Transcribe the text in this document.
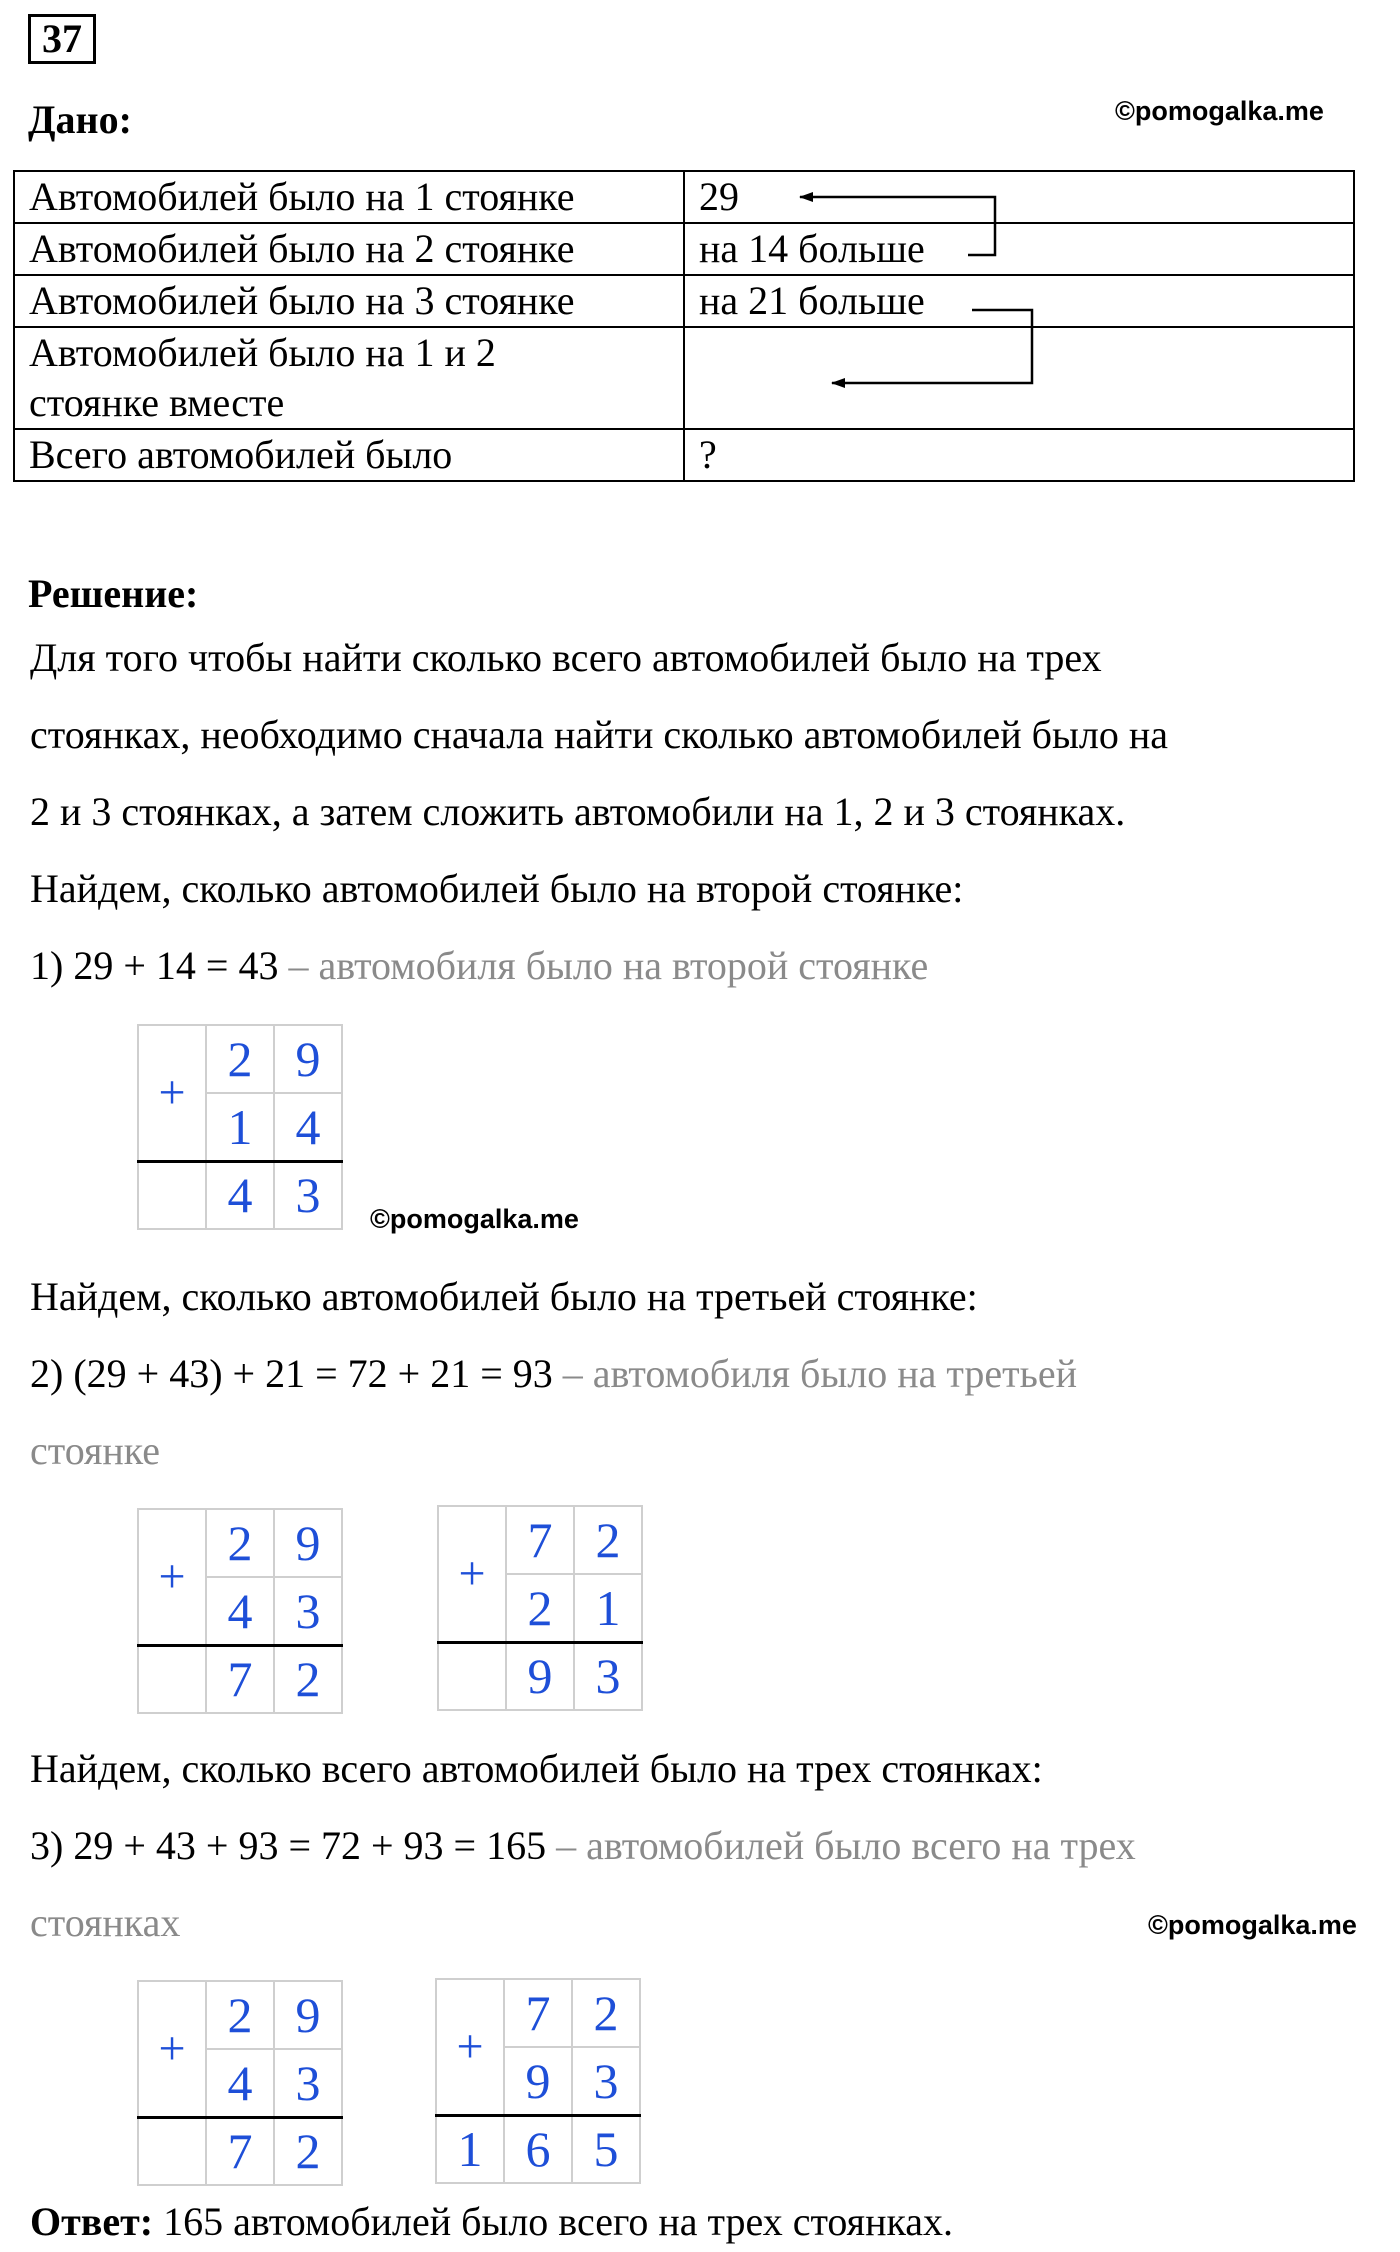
37
Дано:	©pomogalka.me
Автомобилей было на 1 стоянке	29
Автомобилей было на 2 стоянке	на 14 больше
Автомобилей было на 3 стоянке	на 21 больше
Автомобилей было на 1 и 2
стоянке вместе	
Всего автомобилей было	?
Решение:
Для того чтобы найти сколько всего автомобилей было на трех
стоянках, необходимо сначала найти сколько автомобилей было на
2 и 3 стоянках, а затем сложить автомобили на 1, 2 и 3 стоянках.
Найдем, сколько автомобилей было на второй стоянке:
1) 29 + 14 = 43 – автомобиля было на второй стоянке
+	2	9
	1	4
	4	3 ©pomogalka.me
Найдем, сколько автомобилей было на третьей стоянке:
2) (29 + 43) + 21 = 72 + 21 = 93 – автомобиля было на третьей
стоянке
+	2	9
	4	3
	7	2
+	7	2
	2	1
	9	3
Найдем, сколько всего автомобилей было на трех стоянках:
3) 29 + 43 + 93 = 72 + 93 = 165 – автомобилей было всего на трех
стоянках	©pomogalka.me
+	2	9
	4	3
	7	2
+	7	2
	9	3
1	6	5
Ответ: 165 автомобилей было всего на трех стоянках.
